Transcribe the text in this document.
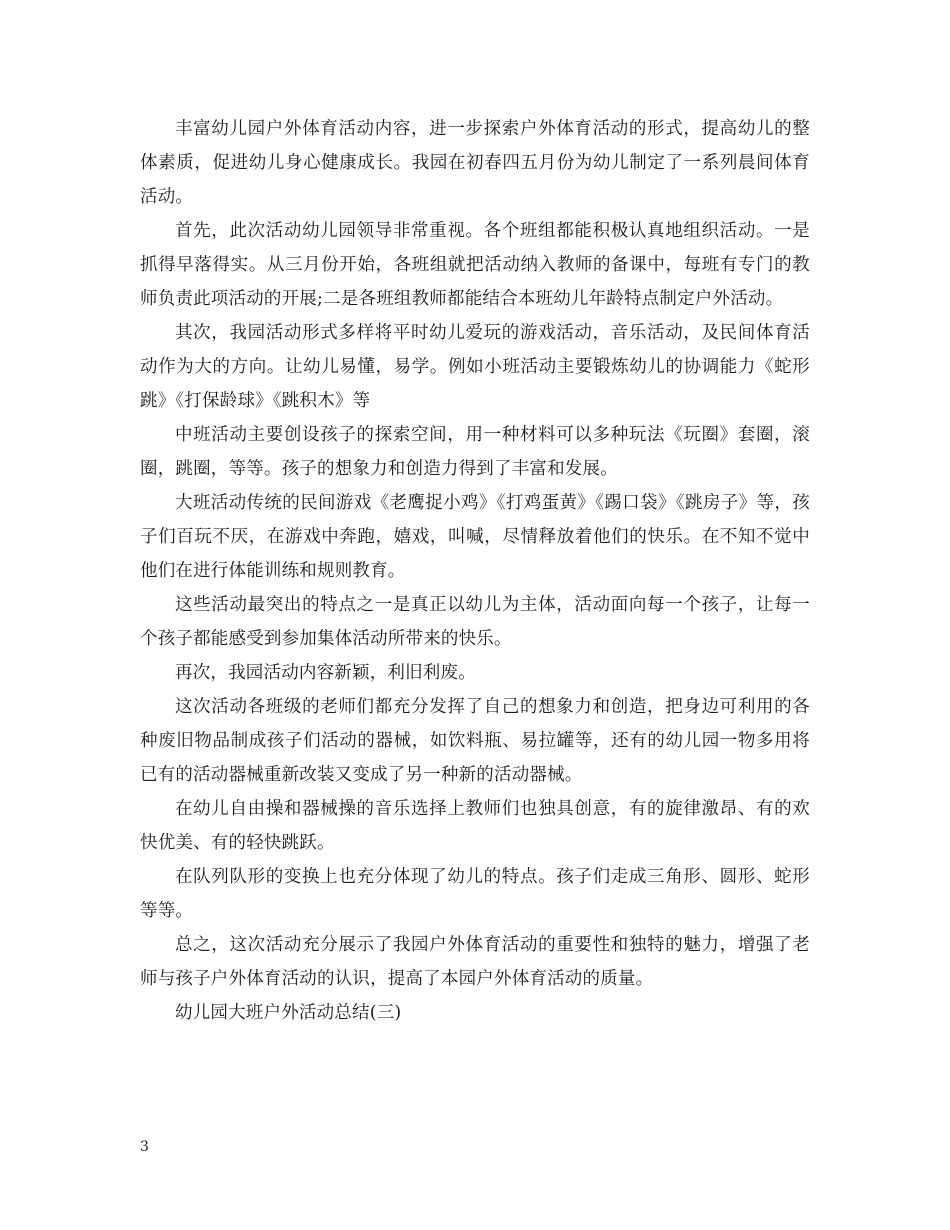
丰富幼儿园户外体育活动内容，进一步探索户外体育活动的形式，提高幼儿的整体素质，促进幼儿身心健康成长。我园在初春四五月份为幼儿制定了一系列晨间体育活动。

首先，此次活动幼儿园领导非常重视。各个班组都能积极认真地组织活动。一是抓得早落得实。从三月份开始，各班组就把活动纳入教师的备课中，每班有专门的教师负责此项活动的开展;二是各班组教师都能结合本班幼儿年龄特点制定户外活动。

其次，我园活动形式多样将平时幼儿爱玩的游戏活动，音乐活动，及民间体育活动作为大的方向。让幼儿易懂，易学。例如小班活动主要锻炼幼儿的协调能力《蛇形跳》《打保龄球》《跳积木》等

中班活动主要创设孩子的探索空间，用一种材料可以多种玩法《玩圈》套圈，滚圈，跳圈，等等。孩子的想象力和创造力得到了丰富和发展。

大班活动传统的民间游戏《老鹰捉小鸡》《打鸡蛋黄》《踢口袋》《跳房子》等，孩子们百玩不厌，在游戏中奔跑，嬉戏，叫喊，尽情释放着他们的快乐。在不知不觉中他们在进行体能训练和规则教育。

这些活动最突出的特点之一是真正以幼儿为主体，活动面向每一个孩子，让每一个孩子都能感受到参加集体活动所带来的快乐。

再次，我园活动内容新颖，利旧利废。

这次活动各班级的老师们都充分发挥了自己的想象力和创造，把身边可利用的各种废旧物品制成孩子们活动的器械，如饮料瓶、易拉罐等，还有的幼儿园一物多用将已有的活动器械重新改装又变成了另一种新的活动器械。

在幼儿自由操和器械操的音乐选择上教师们也独具创意，有的旋律激昂、有的欢快优美、有的轻快跳跃。

在队列队形的变换上也充分体现了幼儿的特点。孩子们走成三角形、圆形、蛇形等等。

总之，这次活动充分展示了我园户外体育活动的重要性和独特的魅力，增强了老师与孩子户外体育活动的认识，提高了本园户外体育活动的质量。

幼儿园大班户外活动总结(三)

3
